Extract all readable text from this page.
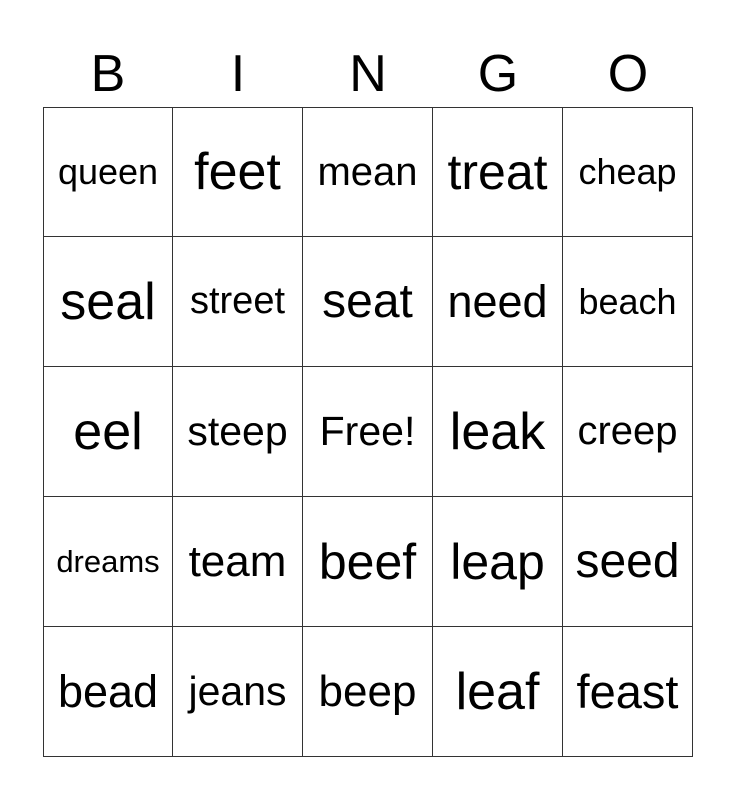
B	I	N	G	O
queen feet mean treat cheap
seal street seat need beach
eel	steep Free! leak creep
dreams team beef leap seed
bead jeans beep leaf feast
